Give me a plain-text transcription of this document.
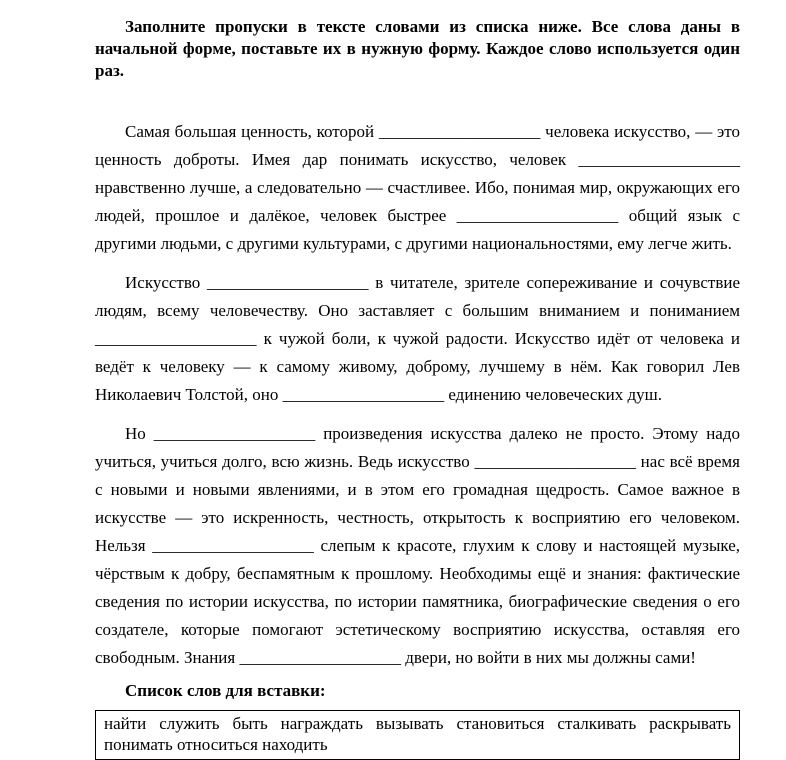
Заполните пропуски в тексте словами из списка ниже. Все слова даны в начальной форме, поставьте их в нужную форму. Каждое слово используется один раз.

Самая большая ценность, которой ___________________ человека искусство, — это ценность доброты. Имея дар понимать искусство, человек ___________________ нравственно лучше, а следовательно — счастливее. Ибо, понимая мир, окружающих его людей, прошлое и далёкое, человек быстрее ___________________ общий язык с другими людьми, с другими культурами, с другими национальностями, ему легче жить.

Искусство ___________________ в читателе, зрителе сопереживание и сочувствие людям, всему человечеству. Оно заставляет с большим вниманием и пониманием ___________________ к чужой боли, к чужой радости. Искусство идёт от человека и ведёт к человеку — к самому живому, доброму, лучшему в нём. Как говорил Лев Николаевич Толстой, оно ___________________ единению человеческих душ.

Но ___________________ произведения искусства далеко не просто. Этому надо учиться, учиться долго, всю жизнь. Ведь искусство ___________________ нас всё время с новыми и новыми явлениями, и в этом его громадная щедрость. Самое важное в искусстве — это искренность, честность, открытость к восприятию его человеком. Нельзя ___________________ слепым к красоте, глухим к слову и настоящей музыке, чёрствым к добру, беспамятным к прошлому. Необходимы ещё и знания: фактические сведения по истории искусства, по истории памятника, биографические сведения о его создателе, которые помогают эстетическому восприятию искусства, оставляя его свободным. Знания ___________________ двери, но войти в них мы должны сами!

Список слов для вставки:

найти служить быть награждать вызывать становиться сталкивать раскрывать понимать относиться находить
